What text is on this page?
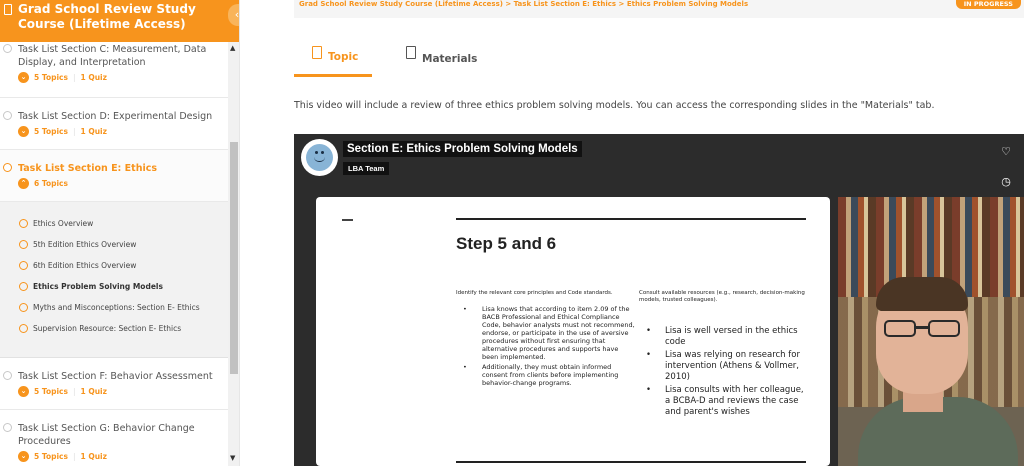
Grad School Review Study Course (Lifetime Access)
‹
Task List Section C: Measurement, Data Display, and Interpretation
⌄	5 Topics | 1 Quiz
Task List Section D: Experimental Design
⌄	5 Topics | 1 Quiz
Task List Section E: Ethics
⌃	6 Topics
Ethics Overview
5th Edition Ethics Overview
6th Edition Ethics Overview
Ethics Problem Solving Models
Myths and Misconceptions: Section E- Ethics
Supervision Resource: Section E- Ethics
Task List Section F: Behavior Assessment
⌄	5 Topics | 1 Quiz
Task List Section G: Behavior Change Procedures
⌄	5 Topics | 1 Quiz
▲
▼
Grad School Review Study Course (Lifetime Access) > Task List Section E: Ethics > Ethics Problem Solving Models	IN PROGRESS
Topic	Materials
This video will include a review of three ethics problem solving models. You can access the corresponding slides in the "Materials" tab.
Section E: Ethics Problem Solving Models
LBA Team
♡
◷
Step 5 and 6
Identify the relevant core principles and Code standards.
• Lisa knows that according to item 2.09 of the BACB Professional and Ethical Compliance Code, behavior analysts must not recommend, endorse, or participate in the use of aversive procedures without first ensuring that alternative procedures and supports have been implemented.
• Additionally, they must obtain informed consent from clients before implementing behavior-change programs.
Consult available resources (e.g., research, decision-making models, trusted colleagues).
• Lisa is well versed in the ethics code
• Lisa was relying on research for intervention (Athens & Vollmer, 2010)
• Lisa consults with her colleague, a BCBA-D and reviews the case and parent's wishes
